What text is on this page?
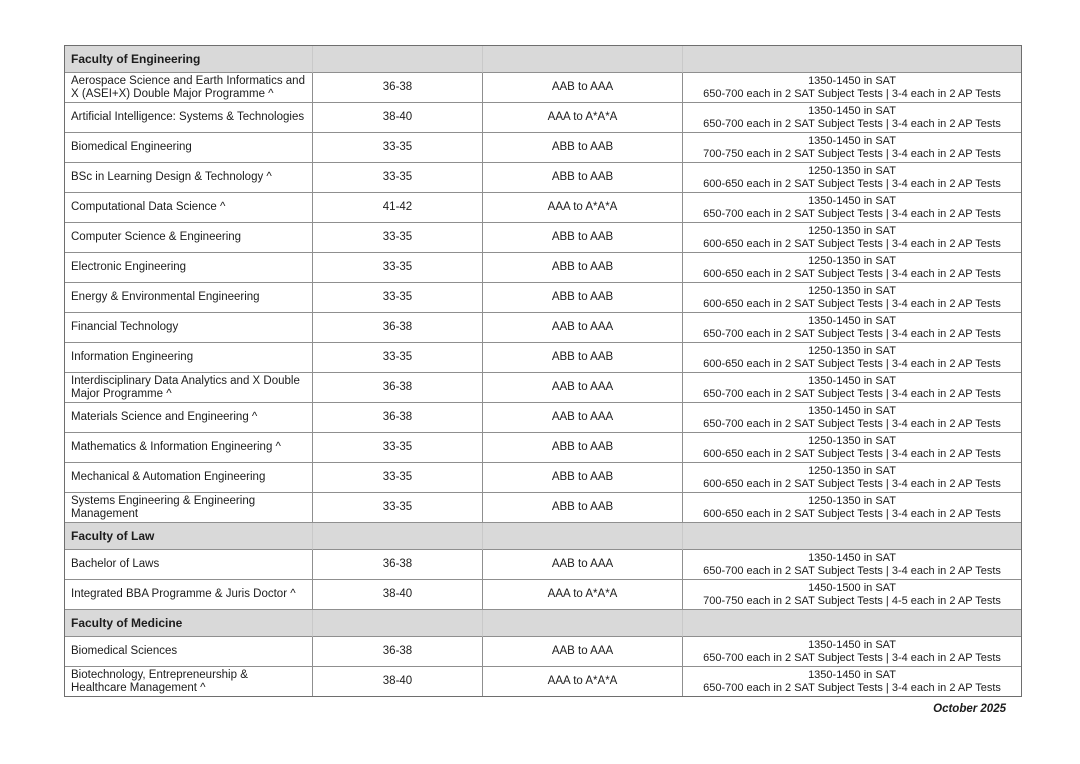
Faculty of Engineering			
Aerospace Science and Earth Informatics and X (ASEI+X) Double Major Programme ^	36-38	AAB to AAA	1350-1450 in SAT
650-700 each in 2 SAT Subject Tests | 3-4 each in 2 AP Tests

Artificial Intelligence: Systems & Technologies	38-40	AAA to A*A*A	1350-1450 in SAT
650-700 each in 2 SAT Subject Tests | 3-4 each in 2 AP Tests

Biomedical Engineering	33-35	ABB to AAB	1350-1450 in SAT
700-750 each in 2 SAT Subject Tests | 3-4 each in 2 AP Tests

BSc in Learning Design & Technology ^	33-35	ABB to AAB	1250-1350 in SAT
600-650 each in 2 SAT Subject Tests | 3-4 each in 2 AP Tests

Computational Data Science ^	41-42	AAA to A*A*A	1350-1450 in SAT
650-700 each in 2 SAT Subject Tests | 3-4 each in 2 AP Tests

Computer Science & Engineering	33-35	ABB to AAB	1250-1350 in SAT
600-650 each in 2 SAT Subject Tests | 3-4 each in 2 AP Tests

Electronic Engineering	33-35	ABB to AAB	1250-1350 in SAT
600-650 each in 2 SAT Subject Tests | 3-4 each in 2 AP Tests

Energy & Environmental Engineering	33-35	ABB to AAB	1250-1350 in SAT
600-650 each in 2 SAT Subject Tests | 3-4 each in 2 AP Tests

Financial Technology	36-38	AAB to AAA	1350-1450 in SAT
650-700 each in 2 SAT Subject Tests | 3-4 each in 2 AP Tests

Information Engineering	33-35	ABB to AAB	1250-1350 in SAT
600-650 each in 2 SAT Subject Tests | 3-4 each in 2 AP Tests

Interdisciplinary Data Analytics and X Double Major Programme ^	36-38	AAB to AAA	1350-1450 in SAT
650-700 each in 2 SAT Subject Tests | 3-4 each in 2 AP Tests

Materials Science and Engineering ^	36-38	AAB to AAA	1350-1450 in SAT
650-700 each in 2 SAT Subject Tests | 3-4 each in 2 AP Tests

Mathematics & Information Engineering ^	33-35	ABB to AAB	1250-1350 in SAT
600-650 each in 2 SAT Subject Tests | 3-4 each in 2 AP Tests

Mechanical & Automation Engineering	33-35	ABB to AAB	1250-1350 in SAT
600-650 each in 2 SAT Subject Tests | 3-4 each in 2 AP Tests

Systems Engineering & Engineering Management	33-35	ABB to AAB	1250-1350 in SAT
600-650 each in 2 SAT Subject Tests | 3-4 each in 2 AP Tests

Faculty of Law			
Bachelor of Laws	36-38	AAB to AAA	1350-1450 in SAT
650-700 each in 2 SAT Subject Tests | 3-4 each in 2 AP Tests

Integrated BBA Programme & Juris Doctor ^	38-40	AAA to A*A*A	1450-1500 in SAT
700-750 each in 2 SAT Subject Tests | 4-5 each in 2 AP Tests

Faculty of Medicine			
Biomedical Sciences	36-38	AAB to AAA	1350-1450 in SAT
650-700 each in 2 SAT Subject Tests | 3-4 each in 2 AP Tests

Biotechnology, Entrepreneurship & Healthcare Management ^	38-40	AAA to A*A*A	1350-1450 in SAT
650-700 each in 2 SAT Subject Tests | 3-4 each in 2 AP Tests
October 2025
